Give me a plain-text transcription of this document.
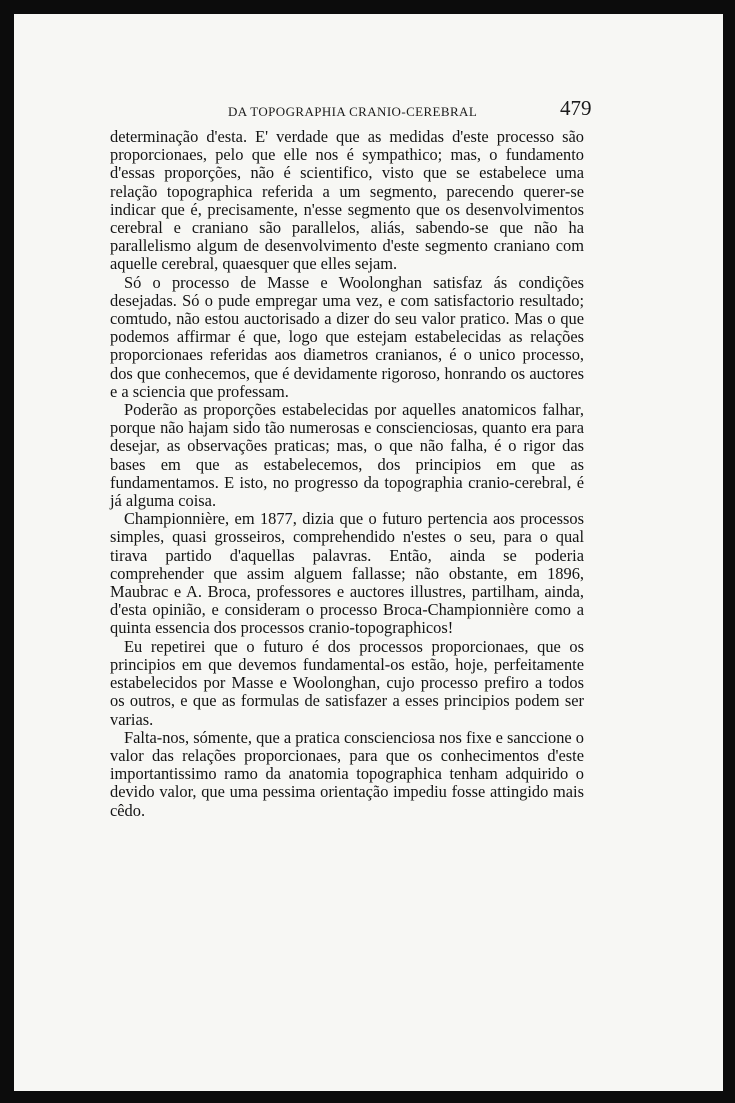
DA TOPOGRAPHIA CRANIO-CEREBRAL	479

determinação d'esta. E' verdade que as medidas d'este processo são proporcionaes, pelo que elle nos é sympathico; mas, o fundamento d'essas proporções, não é scientifico, visto que se estabelece uma relação topographica referida a um segmento, parecendo querer-se indicar que é, precisamente, n'esse segmento que os desenvolvimentos cerebral e craniano são parallelos, aliás, sabendo-se que não ha parallelismo algum de desenvolvimento d'este segmento craniano com aquelle cerebral, quaesquer que elles sejam.

Só o processo de Masse e Woolonghan satisfaz ás condições desejadas. Só o pude empregar uma vez, e com satisfactorio resultado; comtudo, não estou auctorisado a dizer do seu valor pratico. Mas o que podemos affirmar é que, logo que estejam estabelecidas as relações proporcionaes referidas aos diametros cranianos, é o unico processo, dos que conhecemos, que é devidamente rigoroso, honrando os auctores e a sciencia que professam.

Poderão as proporções estabelecidas por aquelles anatomicos falhar, porque não hajam sido tão numerosas e conscienciosas, quanto era para desejar, as observações praticas; mas, o que não falha, é o rigor das bases em que as estabelecemos, dos principios em que as fundamentamos. E isto, no progresso da topographia cranio-cerebral, é já alguma coisa.

Championnière, em 1877, dizia que o futuro pertencia aos processos simples, quasi grosseiros, comprehendido n'estes o seu, para o qual tirava partido d'aquellas palavras. Então, ainda se poderia comprehender que assim alguem fallasse; não obstante, em 1896, Maubrac e A. Broca, professores e auctores illustres, partilham, ainda, d'esta opinião, e consideram o processo Broca-Championnière como a quinta essencia dos processos cranio-topographicos!

Eu repetirei que o futuro é dos processos proporcionaes, que os principios em que devemos fundamental-os estão, hoje, perfeitamente estabelecidos por Masse e Woolonghan, cujo processo prefiro a todos os outros, e que as formulas de satisfazer a esses principios podem ser varias.

Falta-nos, sómente, que a pratica conscienciosa nos fixe e sanccione o valor das relações proporcionaes, para que os conhecimentos d'este importantissimo ramo da anatomia topographica tenham adquirido o devido valor, que uma pessima orientação impediu fosse attingido mais cêdo.
